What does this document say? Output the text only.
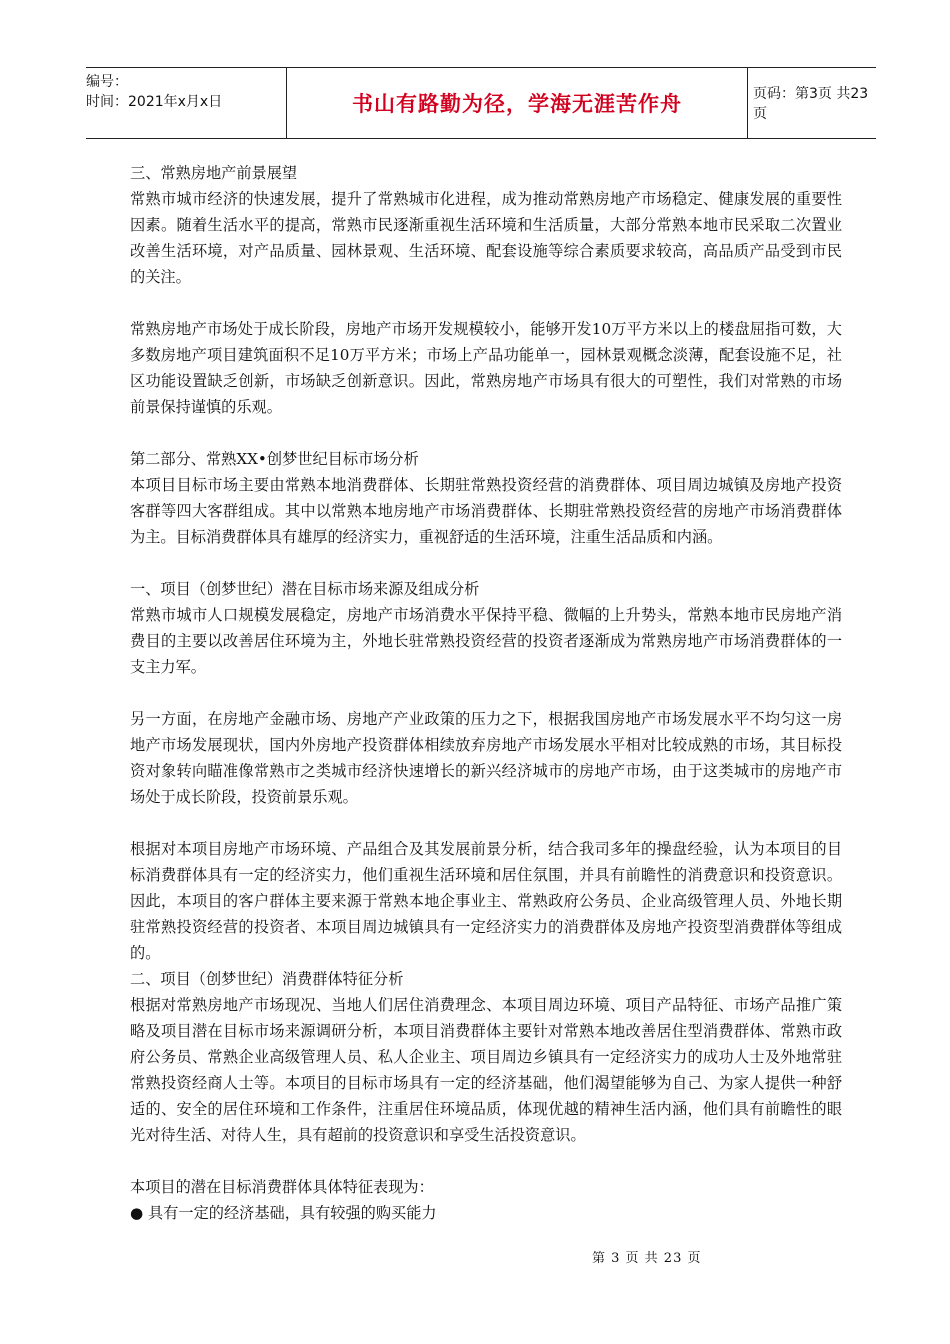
编号：
时间：2021年x月x日	书山有路勤为径，学海无涯苦作舟	页码：第3页 共23页

三、常熟房地产前景展望

常熟市城市经济的快速发展，提升了常熟城市化进程，成为推动常熟房地产市场稳定、健康发展的重要性因素。随着生活水平的提高，常熟市民逐渐重视生活环境和生活质量，大部分常熟本地市民采取二次置业改善生活环境，对产品质量、园林景观、生活环境、配套设施等综合素质要求较高，高品质产品受到市民的关注。

常熟房地产市场处于成长阶段，房地产市场开发规模较小，能够开发10万平方米以上的楼盘屈指可数，大多数房地产项目建筑面积不足10万平方米；市场上产品功能单一，园林景观概念淡薄，配套设施不足，社区功能设置缺乏创新，市场缺乏创新意识。因此，常熟房地产市场具有很大的可塑性，我们对常熟的市场前景保持谨慎的乐观。

第二部分、常熟XX•创梦世纪目标市场分析

本项目目标市场主要由常熟本地消费群体、长期驻常熟投资经营的消费群体、项目周边城镇及房地产投资客群等四大客群组成。其中以常熟本地房地产市场消费群体、长期驻常熟投资经营的房地产市场消费群体为主。目标消费群体具有雄厚的经济实力，重视舒适的生活环境，注重生活品质和内涵。

一、项目（创梦世纪）潜在目标市场来源及组成分析

常熟市城市人口规模发展稳定，房地产市场消费水平保持平稳、微幅的上升势头，常熟本地市民房地产消费目的主要以改善居住环境为主，外地长驻常熟投资经营的投资者逐渐成为常熟房地产市场消费群体的一支主力军。

另一方面，在房地产金融市场、房地产产业政策的压力之下，根据我国房地产市场发展水平不均匀这一房地产市场发展现状，国内外房地产投资群体相续放弃房地产市场发展水平相对比较成熟的市场，其目标投资对象转向瞄准像常熟市之类城市经济快速增长的新兴经济城市的房地产市场，由于这类城市的房地产市场处于成长阶段，投资前景乐观。

根据对本项目房地产市场环境、产品组合及其发展前景分析，结合我司多年的操盘经验，认为本项目的目标消费群体具有一定的经济实力，他们重视生活环境和居住氛围，并具有前瞻性的消费意识和投资意识。因此，本项目的客户群体主要来源于常熟本地企事业主、常熟政府公务员、企业高级管理人员、外地长期驻常熟投资经营的投资者、本项目周边城镇具有一定经济实力的消费群体及房地产投资型消费群体等组成的。

二、项目（创梦世纪）消费群体特征分析

根据对常熟房地产市场现况、当地人们居住消费理念、本项目周边环境、项目产品特征、市场产品推广策略及项目潜在目标市场来源调研分析，本项目消费群体主要针对常熟本地改善居住型消费群体、常熟市政府公务员、常熟企业高级管理人员、私人企业主、项目周边乡镇具有一定经济实力的成功人士及外地常驻常熟投资经商人士等。本项目的目标市场具有一定的经济基础，他们渴望能够为自己、为家人提供一种舒适的、安全的居住环境和工作条件，注重居住环境品质，体现优越的精神生活内涵，他们具有前瞻性的眼光对待生活、对待人生，具有超前的投资意识和享受生活投资意识。

本项目的潜在目标消费群体具体特征表现为：

● 具有一定的经济基础，具有较强的购买能力
第 3 页 共 23 页
